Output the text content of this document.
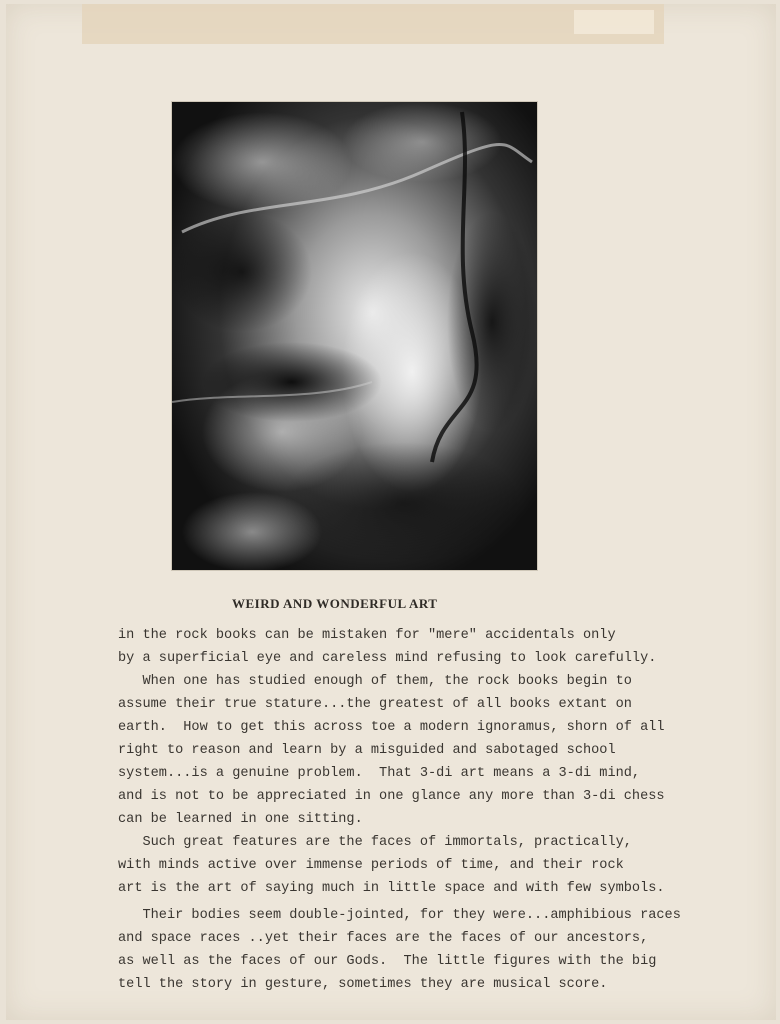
WEIRD AND WONDERFUL ART
in the rock books can be mistaken for "mere" accidentals only
by a superficial eye and careless mind refusing to look carefully.
When one has studied enough of them, the rock books begin to
assume their true stature...the greatest of all books extant on
earth.  How to get this across toe a modern ignoramus, shorn of all
right to reason and learn by a misguided and sabotaged school
system...is a genuine problem.  That 3-di art means a 3-di mind,
and is not to be appreciated in one glance any more than 3-di chess
can be learned in one sitting.
Such great features are the faces of immortals, practically,
with minds active over immense periods of time, and their rock
art is the art of saying much in little space and with few symbols.
Their bodies seem double-jointed, for they were...amphibious races
and space races ..yet their faces are the faces of our ancestors,
as well as the faces of our Gods.  The little figures with the big
tell the story in gesture, sometimes they are musical score.
